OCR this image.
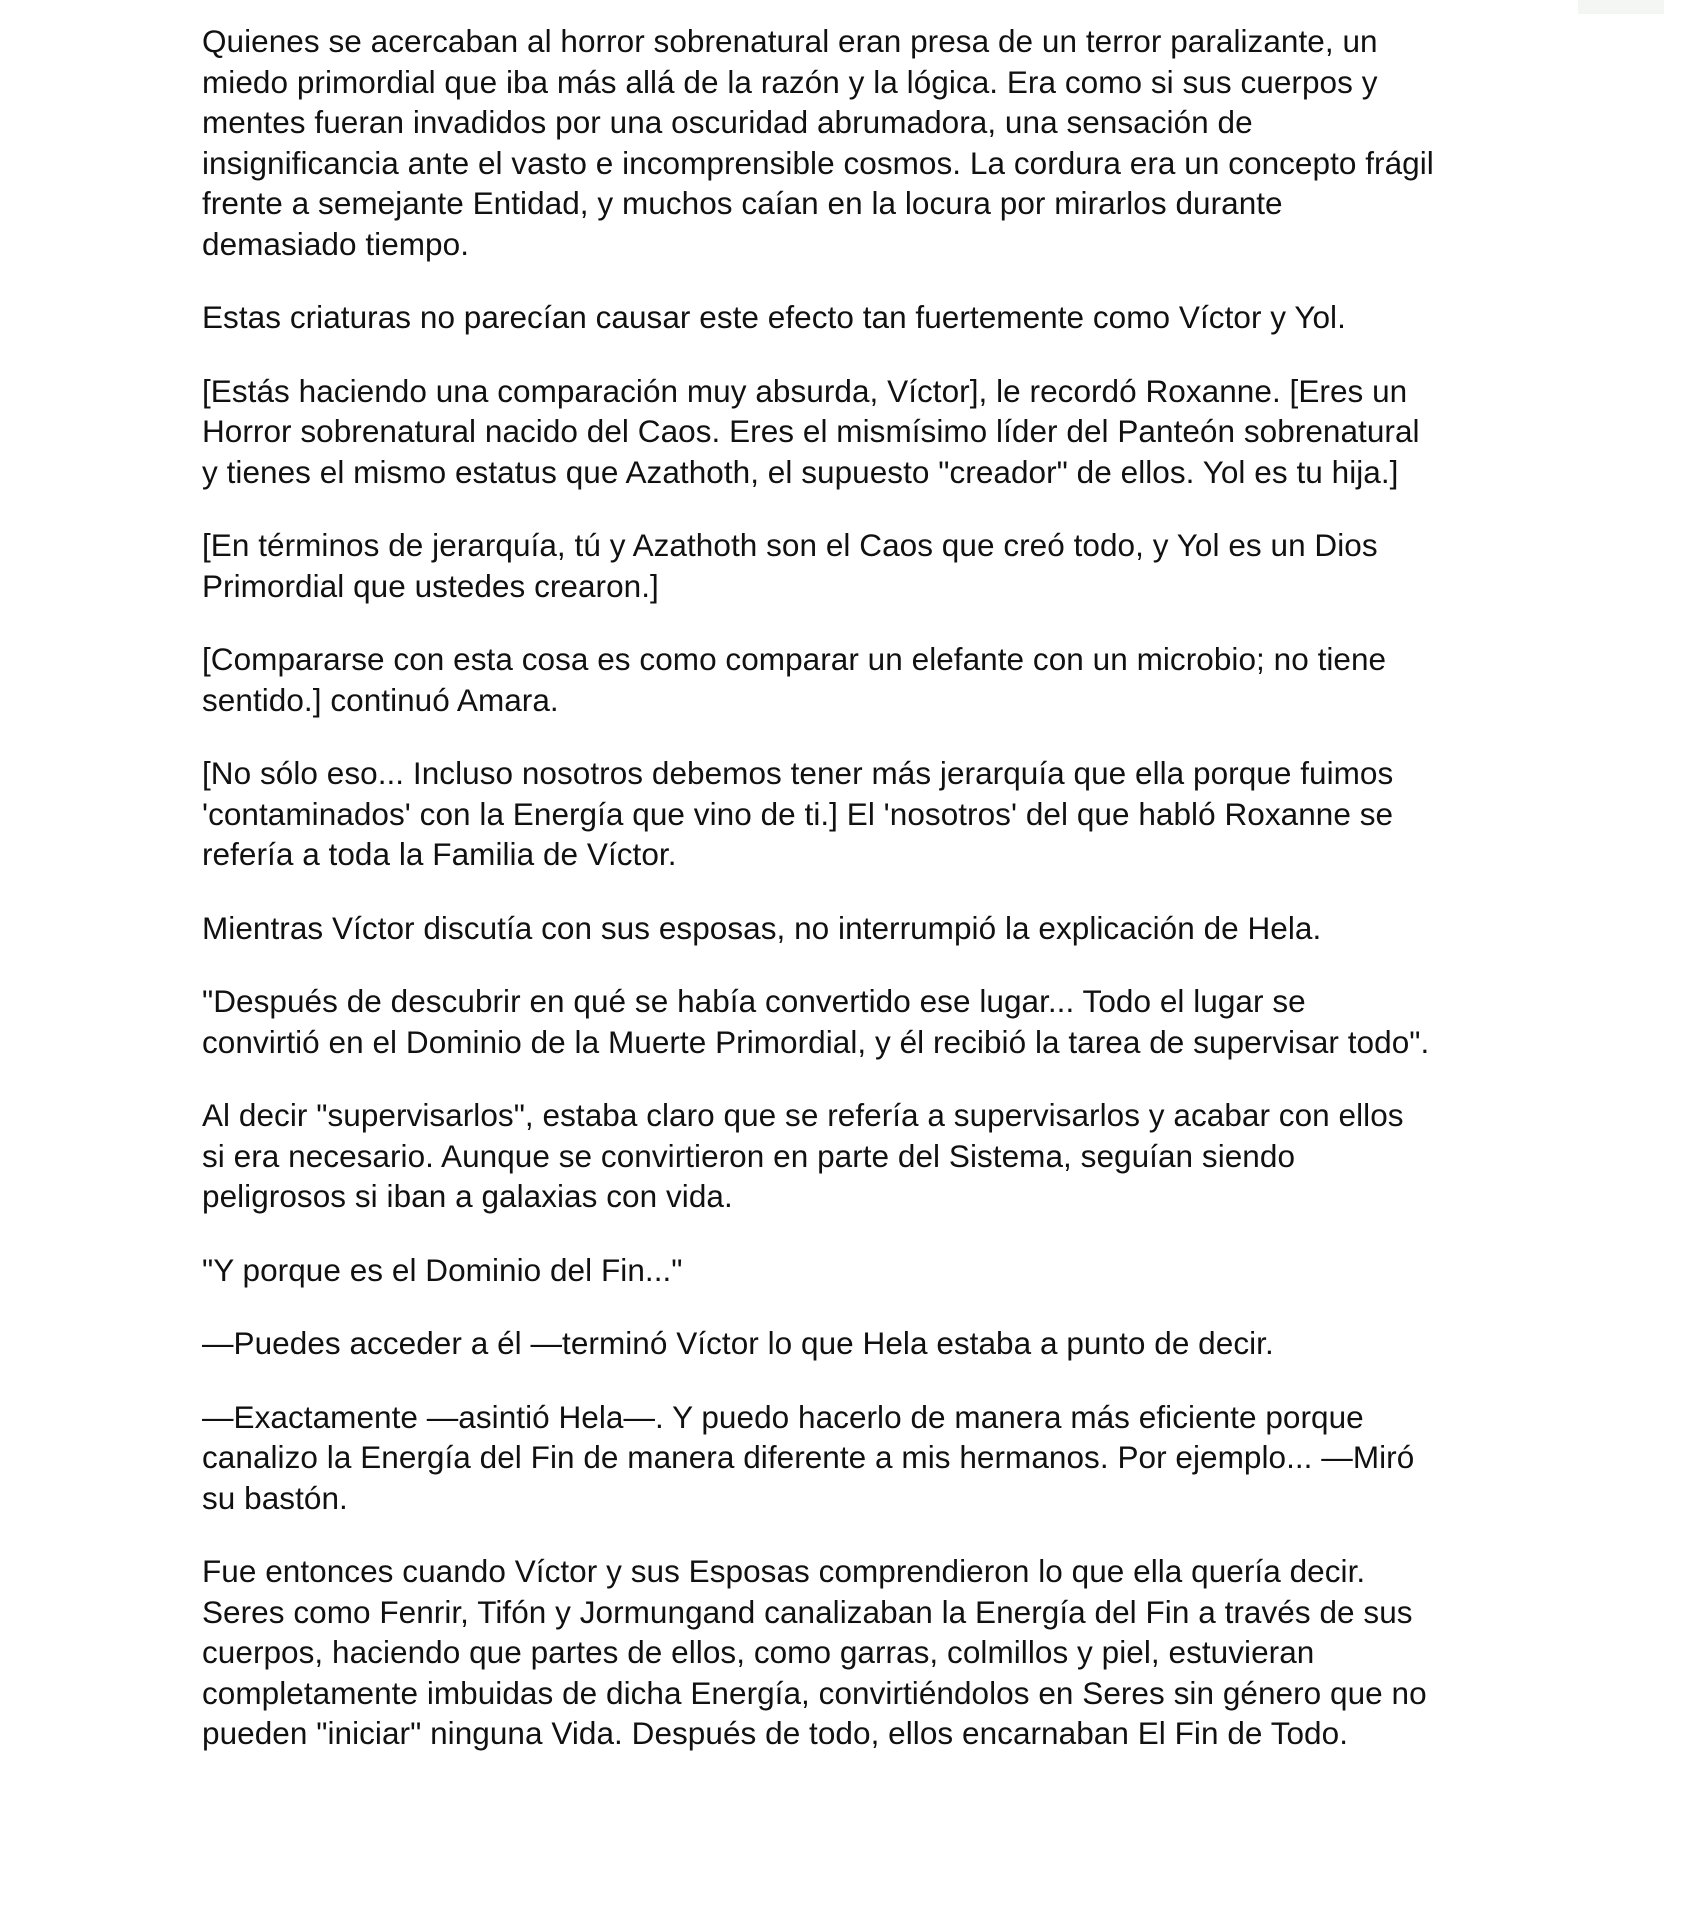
Quienes se acercaban al horror sobrenatural eran presa de un terror paralizante, un
miedo primordial que iba más allá de la razón y la lógica. Era como si sus cuerpos y
mentes fueran invadidos por una oscuridad abrumadora, una sensación de
insignificancia ante el vasto e incomprensible cosmos. La cordura era un concepto frágil
frente a semejante Entidad, y muchos caían en la locura por mirarlos durante
demasiado tiempo.

Estas criaturas no parecían causar este efecto tan fuertemente como Víctor y Yol.

[Estás haciendo una comparación muy absurda, Víctor], le recordó Roxanne. [Eres un
Horror sobrenatural nacido del Caos. Eres el mismísimo líder del Panteón sobrenatural
y tienes el mismo estatus que Azathoth, el supuesto "creador" de ellos. Yol es tu hija.]

[En términos de jerarquía, tú y Azathoth son el Caos que creó todo, y Yol es un Dios
Primordial que ustedes crearon.]

[Compararse con esta cosa es como comparar un elefante con un microbio; no tiene
sentido.] continuó Amara.

[No sólo eso... Incluso nosotros debemos tener más jerarquía que ella porque fuimos
'contaminados' con la Energía que vino de ti.] El 'nosotros' del que habló Roxanne se
refería a toda la Familia de Víctor.

Mientras Víctor discutía con sus esposas, no interrumpió la explicación de Hela.

"Después de descubrir en qué se había convertido ese lugar... Todo el lugar se
convirtió en el Dominio de la Muerte Primordial, y él recibió la tarea de supervisar todo".

Al decir "supervisarlos", estaba claro que se refería a supervisarlos y acabar con ellos
si era necesario. Aunque se convirtieron en parte del Sistema, seguían siendo
peligrosos si iban a galaxias con vida.

"Y porque es el Dominio del Fin..."

—Puedes acceder a él —terminó Víctor lo que Hela estaba a punto de decir.

—Exactamente —asintió Hela—. Y puedo hacerlo de manera más eficiente porque
canalizo la Energía del Fin de manera diferente a mis hermanos. Por ejemplo... —Miró
su bastón.

Fue entonces cuando Víctor y sus Esposas comprendieron lo que ella quería decir.
Seres como Fenrir, Tifón y Jormungand canalizaban la Energía del Fin a través de sus
cuerpos, haciendo que partes de ellos, como garras, colmillos y piel, estuvieran
completamente imbuidas de dicha Energía, convirtiéndolos en Seres sin género que no
pueden "iniciar" ninguna Vida. Después de todo, ellos encarnaban El Fin de Todo.
